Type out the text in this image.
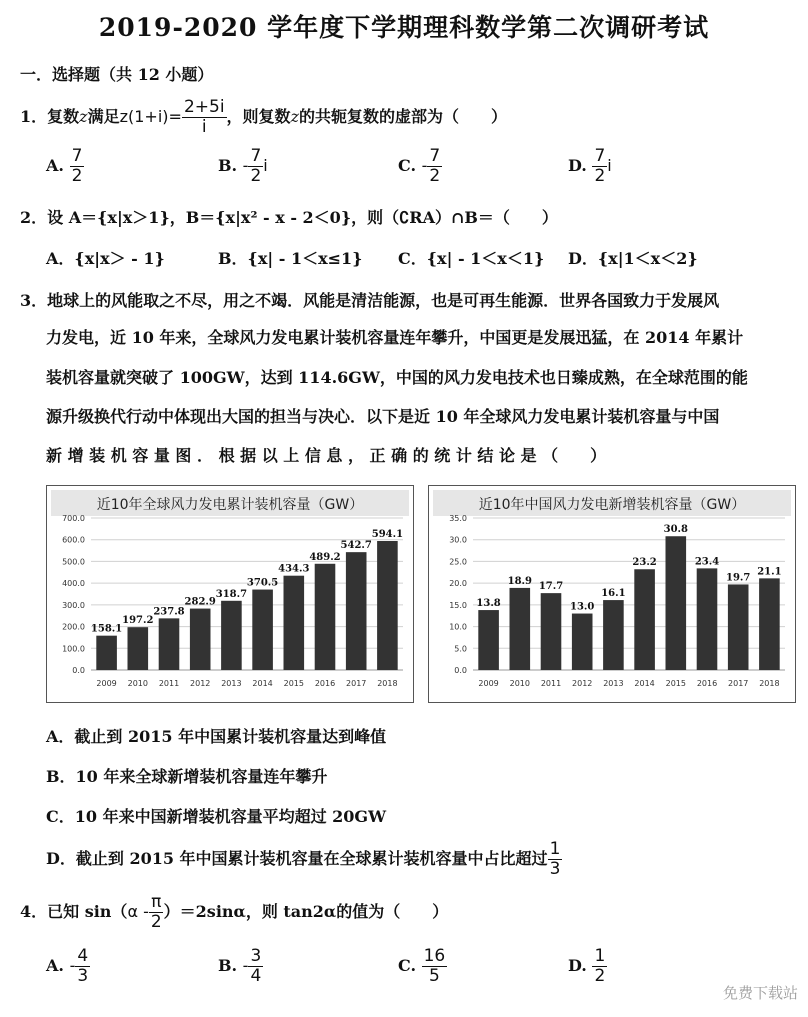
2019-2020 学年度下学期理科数学第二次调研考试
一．选择题（共 12 小题）
1．复数z满足$z(1+i)= \frac{2+5i}{i}$ ，则复数z的共轭复数的虚部为（　　）
A. $\frac{7}{2}$	B. - $\frac{7}{2}$ i	C. - $\frac{7}{2}$	D. $\frac{7}{2}$ i
2．设 A＝{x|x＞1}，B＝{x|x² - x - 2＜0}，则（∁RA）∩B＝（　　）
A．{x|x＞ - 1}	B．{x| - 1＜x≤1} C．{x| - 1＜x＜1} D．{x|1＜x＜2}
3．地球上的风能取之不尽，用之不竭．风能是清洁能源，也是可再生能源．世界各国致力于发展风
力发电，近 10 年来，全球风力发电累计装机容量连年攀升，中国更是发展迅猛，在 2014 年累计
装机容量就突破了 100GW，达到 114.6GW，中国的风力发电技术也日臻成熟，在全球范围的能
源升级换代行动中体现出大国的担当与决心．以下是近 10 年全球风力发电累计装机容量与中国
新 增 装 机 容 量 图 ． 根 据 以 上 信 息 ， 正 确 的 统 计 结 论 是 （　　）
近10年全球风力发电累计装机容量（GW）
0.0
100.0
200.0
300.0
400.0
500.0
600.0
700.0
158.1
2009
197.2
2010
237.8
2011
282.9
2012
318.7
2013
370.5
2014
434.3
2015
489.2
2016
542.7
2017
594.1
2018
近10年中国风力发电新增装机容量（GW）
0.0
5.0
10.0
15.0
20.0
25.0
30.0
35.0
13.8
2009
18.9
2010
17.7
2011
13.0
2012
16.1
2013
23.2
2014
30.8
2015
23.4
2016
19.7
2017
21.1
2018
A．截止到 2015 年中国累计装机容量达到峰值
B．10 年来全球新增装机容量连年攀升
C．10 年来中国新增装机容量平均超过 20GW
D．截止到 2015 年中国累计装机容量在全球累计装机容量中占比超过 $\frac{1}{3}$
4．已知 $\sin(\alpha - \frac{\pi}{2} )=2\sin\alpha$，则 tan2α的值为（　　）
A. - $\frac{4}{3}$	B. - $\frac{3}{4}$	C. $\frac{16}{5}$	D. $\frac{1}{2}$
免费下载站
